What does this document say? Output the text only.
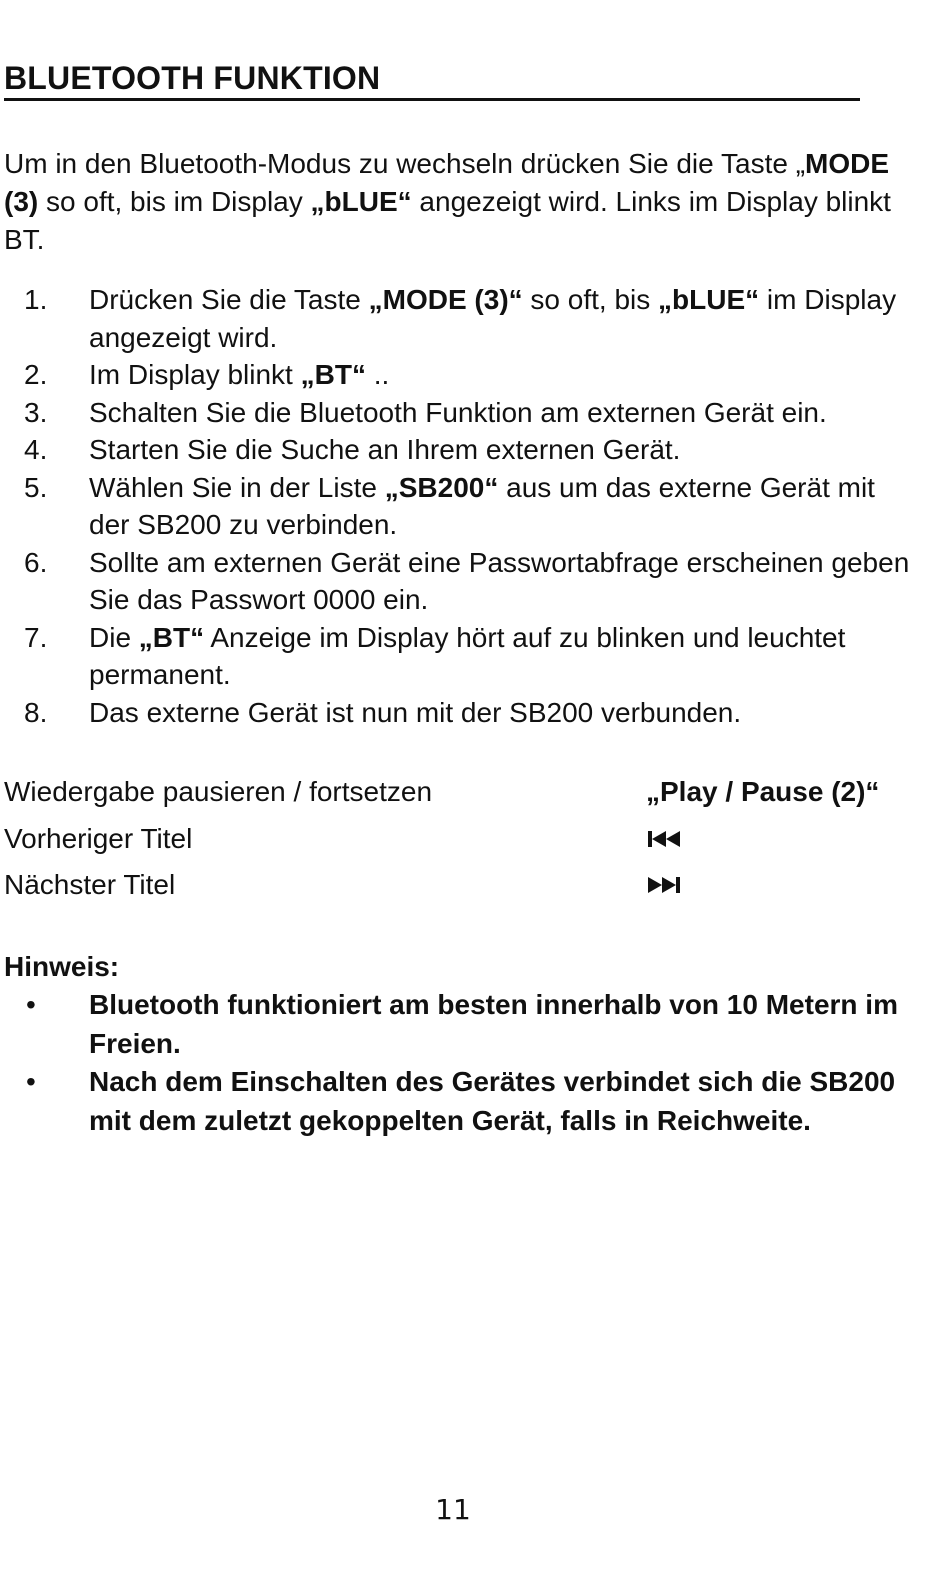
BLUETOOTH FUNKTION

Um in den Bluetooth-Modus zu wechseln drücken Sie die Taste „MODE (3) so oft, bis im Display „bLUE“ angezeigt wird. Links im Display blinkt BT.

1. Drücken Sie die Taste „MODE (3)“ so oft, bis „bLUE“ im Display angezeigt wird.
2. Im Display blinkt „BT“ ..
3. Schalten Sie die Bluetooth Funktion am externen Gerät ein.
4. Starten Sie die Suche an Ihrem externen Gerät.
5. Wählen Sie in der Liste „SB200“ aus um das externe Gerät mit der SB200 zu verbinden.
6. Sollte am externen Gerät eine Passwortabfrage erscheinen geben Sie das Passwort 0000 ein.
7. Die „BT“ Anzeige im Display hört auf zu blinken und leuchtet permanent.
8. Das externe Gerät ist nun mit der SB200 verbunden.
Wiedergabe pausieren / fortsetzen	„Play / Pause (2)“
Vorheriger Titel
Nächster Titel

Hinweis:

• Bluetooth funktioniert am besten innerhalb von 10 Metern im Freien.
• Nach dem Einschalten des Gerätes verbindet sich die SB200 mit dem zuletzt gekoppelten Gerät, falls in Reichweite.
11
